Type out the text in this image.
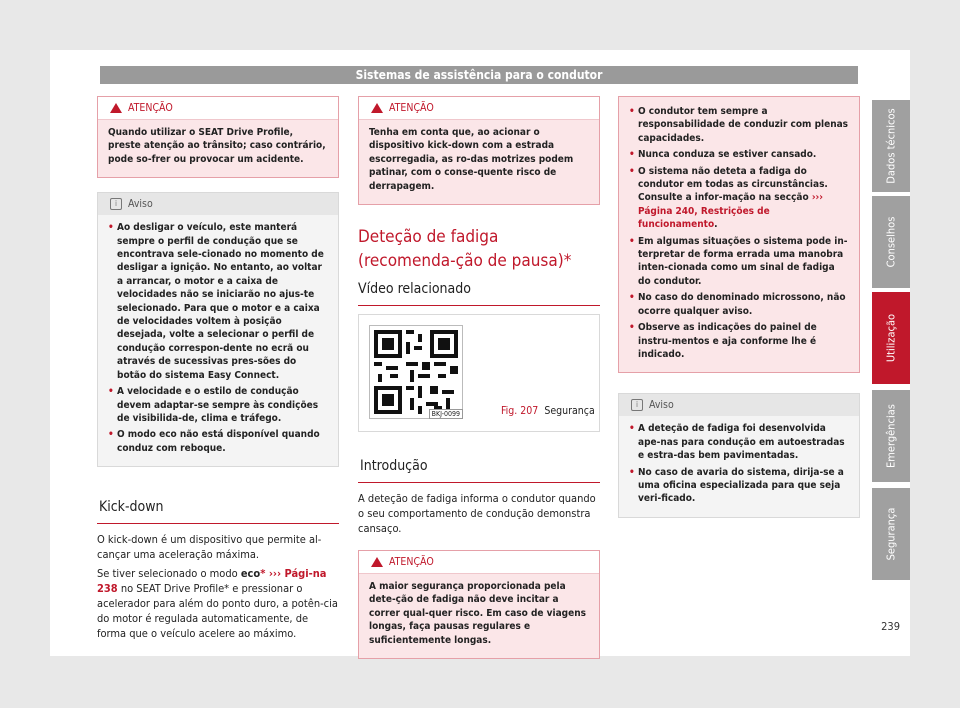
Sistemas de assistência para o condutor
ATENÇÃO

Quando utilizar o SEAT Drive Profile, preste atenção ao trânsito; caso contrário, pode so-frer ou provocar um acidente.

i	Aviso
• Ao desligar o veículo, este manterá sempre o perfil de condução que se encontrava sele-cionado no momento de desligar a ignição. No entanto, ao voltar a arrancar, o motor e a caixa de velocidades não se iniciarão no ajus-te selecionado. Para que o motor e a caixa de velocidades voltem à posição desejada, volte a selecionar o perfil de condução correspon-dente no ecrã ou através de sucessivas pres-sões do botão do sistema Easy Connect.
• A velocidade e o estilo de condução devem adaptar-se sempre às condições de visibilida-de, clima e tráfego.
• O modo eco não está disponível quando conduz com reboque.
Kick-down

O kick-down é um dispositivo que permite al-cançar uma aceleração máxima.

Se tiver selecionado o modo eco* ››› Pági-na 238 no SEAT Drive Profile* e pressionar o acelerador para além do ponto duro, a potên-cia do motor é regulada automaticamente, de forma que o veículo acelere ao máximo.

ATENÇÃO

Tenha em conta que, ao acionar o dispositivo kick-down com a estrada escorregadia, as ro-das motrizes podem patinar, com o conse-quente risco de derrapagem.

Deteção de fadiga (recomenda-ção de pausa)*
Vídeo relacionado
BKJ-0099	Fig. 207 Segurança
Introdução

A deteção de fadiga informa o condutor quando o seu comportamento de condução demonstra cansaço.

ATENÇÃO

A maior segurança proporcionada pela dete-ção de fadiga não deve incitar a correr qual-quer risco. Em caso de viagens longas, faça pausas regulares e suficientemente longas.

• O condutor tem sempre a responsabilidade de conduzir com plenas capacidades.
• Nunca conduza se estiver cansado.
• O sistema não deteta a fadiga do condutor em todas as circunstâncias. Consulte a infor-mação na secção ››› Página 240, Restrições de funcionamento.
• Em algumas situações o sistema pode in-terpretar de forma errada uma manobra inten-cionada como um sinal de fadiga do condutor.
• No caso do denominado microssono, não ocorre qualquer aviso.
• Observe as indicações do painel de instru-mentos e aja conforme lhe é indicado.
i	Aviso
• A deteção de fadiga foi desenvolvida ape-nas para condução em autoestradas e estra-das bem pavimentadas.
• No caso de avaria do sistema, dirija-se a uma oficina especializada para que seja veri-ficado.
Dados técnicos
Conselhos
Utilização
Emergências
Segurança
239
